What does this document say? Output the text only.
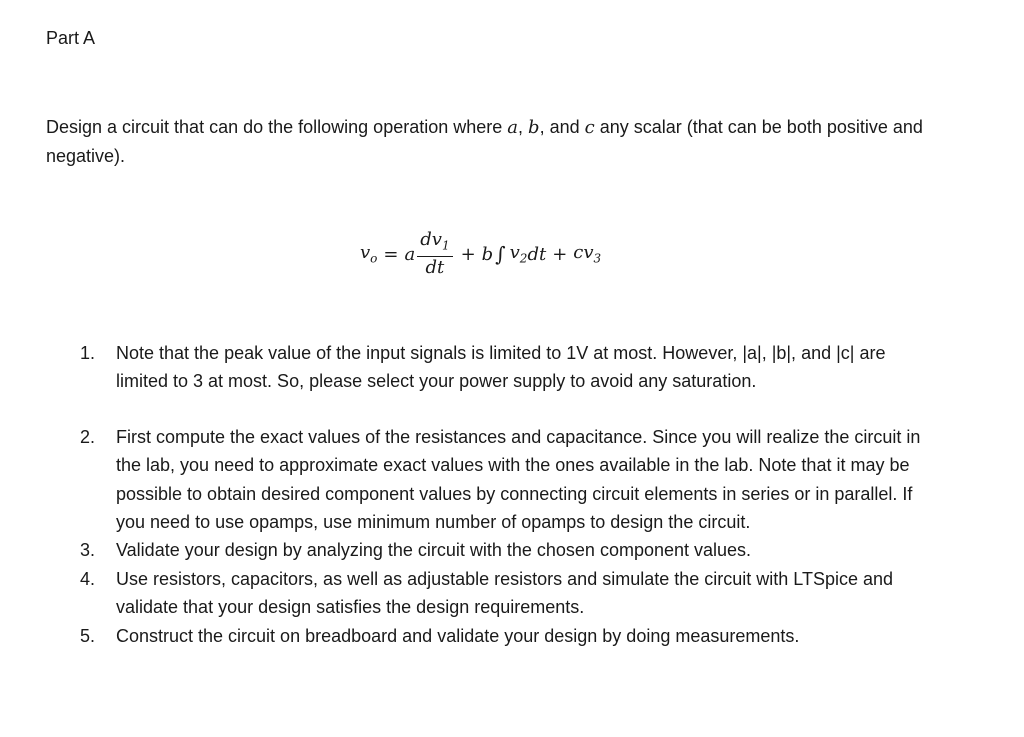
Part A

Design a circuit that can do the following operation where a, b, and c any scalar (that can be both positive and negative).

$v_o = a \frac{dv_1}{dt} + b$ ∫ $v_2$ dt + $cv_3$
1.	Note that the peak value of the input signals is limited to 1V at most. However, |a|, |b|, and |c| are limited to 3 at most. So, please select your power supply to avoid any saturation.
2.	First compute the exact values of the resistances and capacitance. Since you will realize the circuit in the lab, you need to approximate exact values with the ones available in the lab. Note that it may be possible to obtain desired component values by connecting circuit elements in series or in parallel. If you need to use opamps, use minimum number of opamps to design the circuit.
3.	Validate your design by analyzing the circuit with the chosen component values.
4.	Use resistors, capacitors, as well as adjustable resistors and simulate the circuit with LTSpice and validate that your design satisfies the design requirements.
5.	Construct the circuit on breadboard and validate your design by doing measurements.
